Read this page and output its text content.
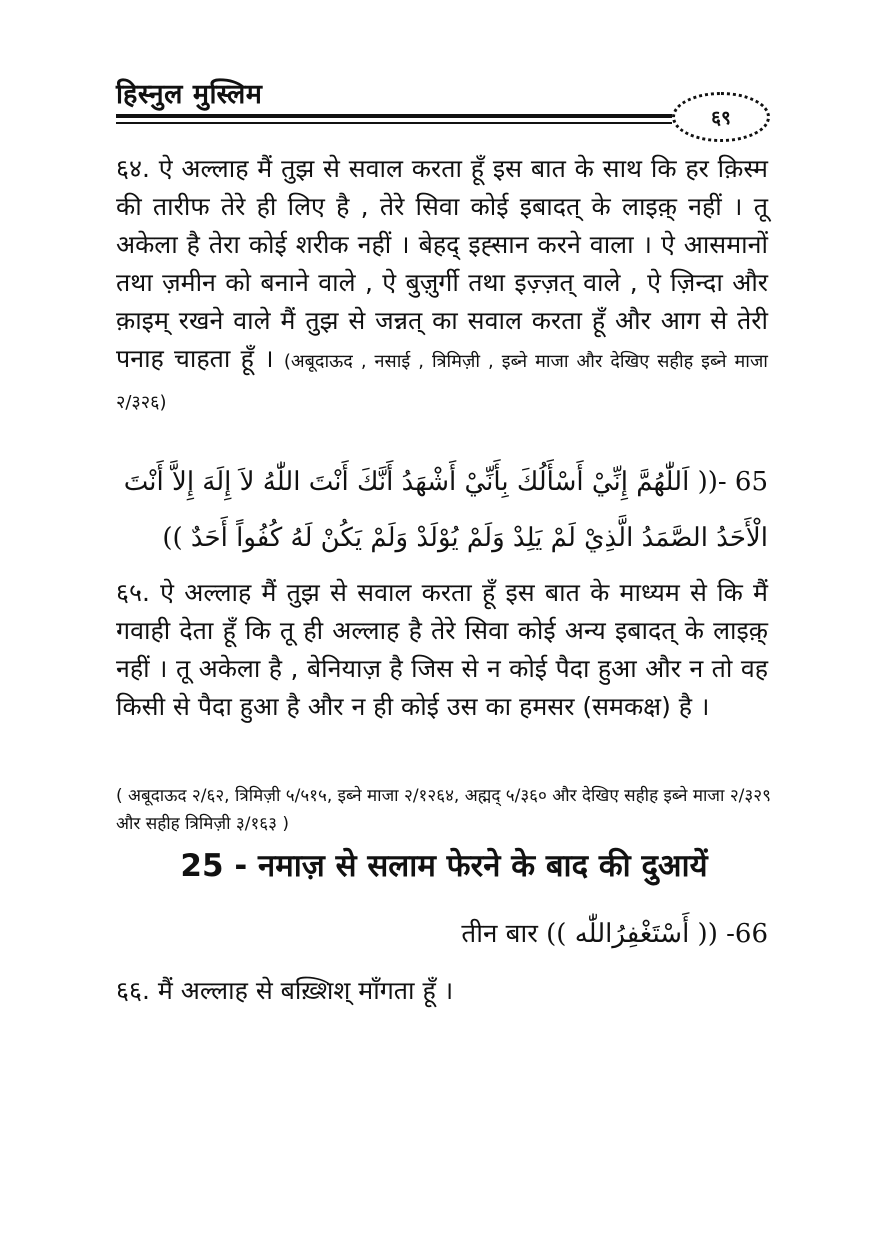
हिस्नुल मुस्लिम
६९
६४. ऐ अल्लाह मैं तुझ से सवाल करता हूँ इस बात के साथ कि हर क़िस्म की तारीफ तेरे ही लिए है , तेरे सिवा कोई इबादत् के लाइक़् नहीं । तू अकेला है तेरा कोई शरीक नहीं । बेहद् इह्सान करने वाला । ऐ आसमानों तथा ज़मीन को बनाने वाले , ऐ बुज़ुर्गी तथा इज़्ज़त् वाले , ऐ ज़िन्दा और क़ाइम् रखने वाले मैं तुझ से जन्नत् का सवाल करता हूँ और आग से तेरी पनाह चाहता हूँ । (अबूदाऊद , नसाई , त्रिमिज़ी , इब्ने माजा और देखिए सहीह इब्ने माजा २/३२६)
65 -(( اَللّٰهُمَّ إِنِّيْ أَسْأَلُكَ بِأَنِّيْ أَشْهَدُ أَنَّكَ أَنْتَ اللّٰهُ لاَ إِلَهَ إِلاَّ أَنْتَ الْأَحَدُ الصَّمَدُ الَّذِيْ لَمْ يَلِدْ وَلَمْ يُوْلَدْ وَلَمْ يَكُنْ لَهُ كُفُواً أَحَدٌ ))
६५. ऐ अल्लाह मैं तुझ से सवाल करता हूँ इस बात के माध्यम से कि मैं गवाही देता हूँ कि तू ही अल्लाह है तेरे सिवा कोई अन्य इबादत् के लाइक़् नहीं । तू अकेला है , बेनियाज़ है जिस से न कोई पैदा हुआ और न तो वह किसी से पैदा हुआ है और न ही कोई उस का हमसर (समकक्ष) है ।
( अबूदाऊद २/६२, त्रिमिज़ी ५/५१५, इब्ने माजा २/१२६४, अह्मद् ५/३६० और देखिए सहीह इब्ने माजा २/३२९ और सहीह त्रिमिज़ी ३/१६३ )
25 - नमाज़ से सलाम फेरने के बाद की दुआयें
66- (( أَسْتَغْفِرُاللّٰه )) तीन बार
६६. मैं अल्लाह से बख़्शिश् माँगता हूँ ।
